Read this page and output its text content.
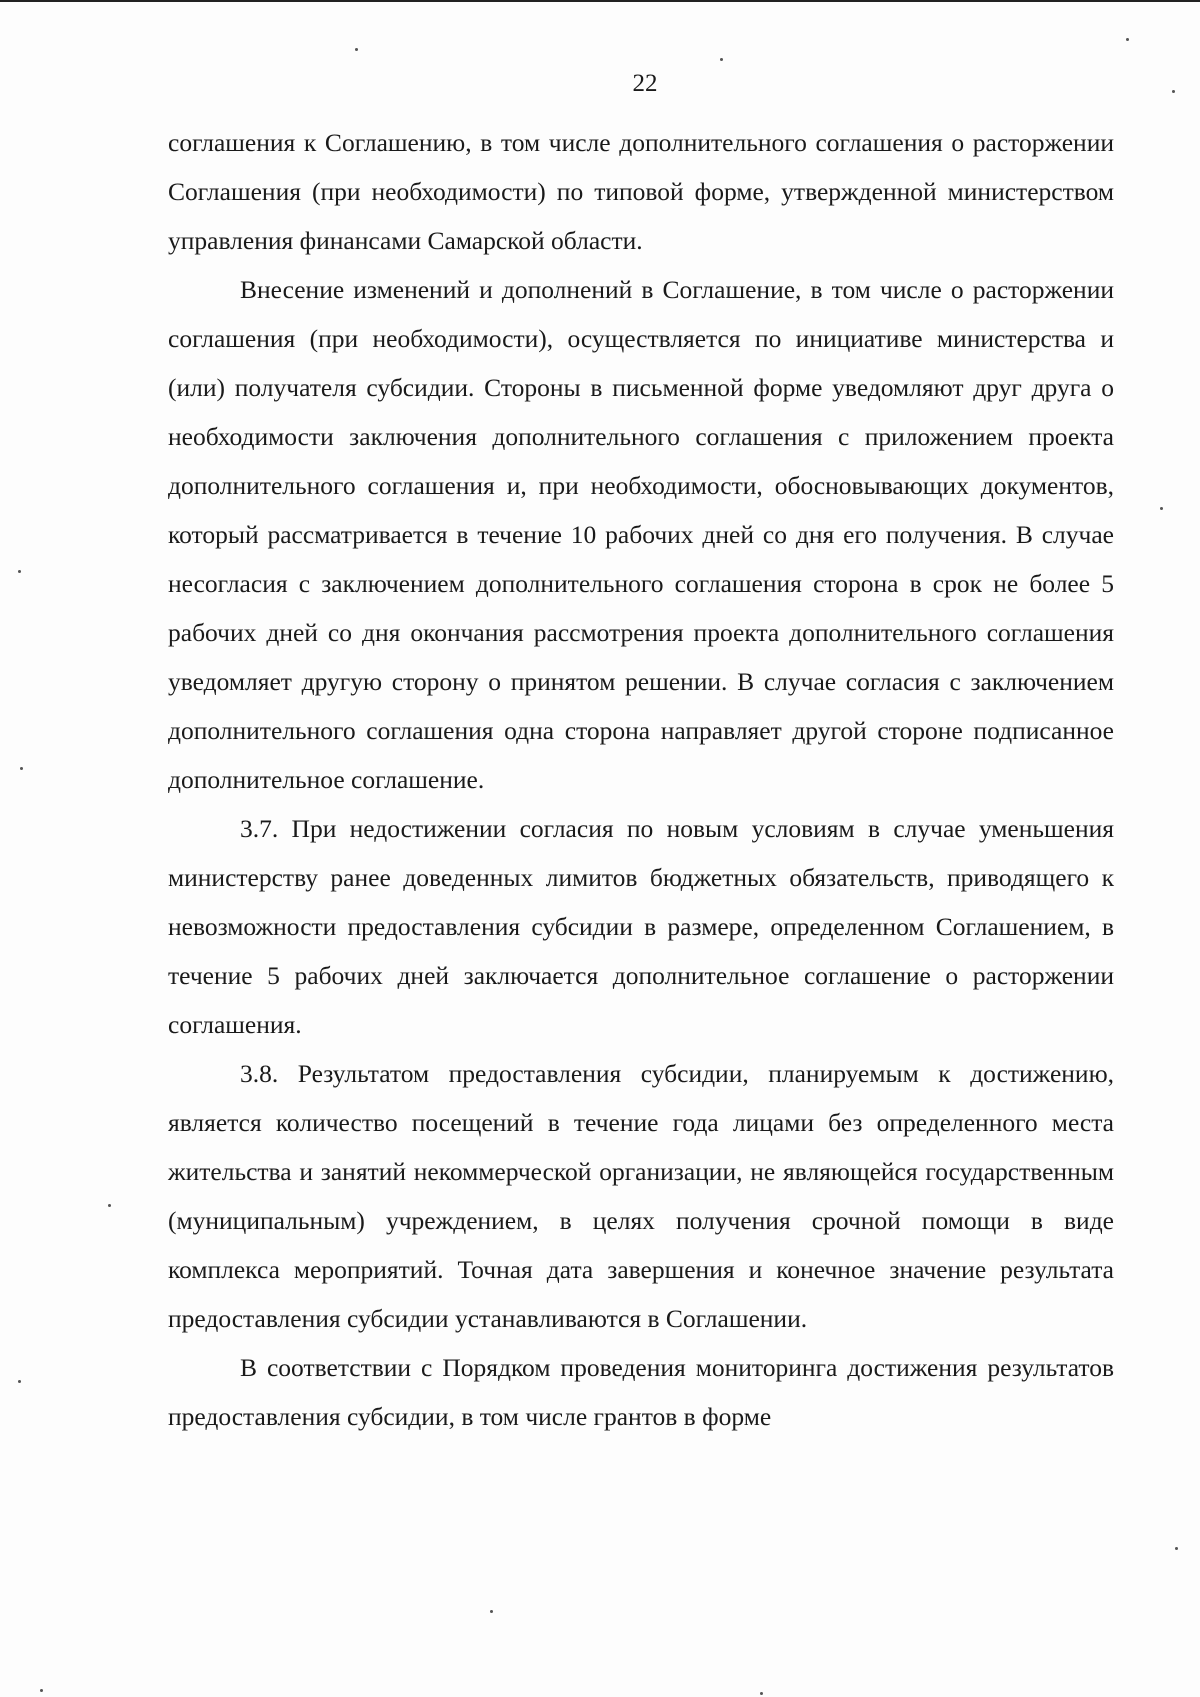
22

соглашения к Соглашению, в том числе дополнительного соглашения о расторжении Соглашения (при необходимости) по типовой форме, утвержденной министерством управления финансами Самарской области.

Внесение изменений и дополнений в Соглашение, в том числе о расторжении соглашения (при необходимости), осуществляется по инициативе министерства и (или) получателя субсидии. Стороны в письменной форме уведомляют друг друга о необходимости заключения дополнительного соглашения с приложением проекта дополнительного соглашения и, при необходимости, обосновывающих документов, который рассматривается в течение 10 рабочих дней со дня его получения. В случае несогласия с заключением дополнительного соглашения сторона в срок не более 5 рабочих дней со дня окончания рассмотрения проекта дополнительного соглашения уведомляет другую сторону о принятом решении. В случае согласия с заключением дополнительного соглашения одна сторона направляет другой стороне подписанное дополнительное соглашение.

3.7. При недостижении согласия по новым условиям в случае уменьшения министерству ранее доведенных лимитов бюджетных обязательств, приводящего к невозможности предоставления субсидии в размере, определенном Соглашением, в течение 5 рабочих дней заключается дополнительное соглашение о расторжении соглашения.

3.8. Результатом предоставления субсидии, планируемым к достижению, является количество посещений в течение года лицами без определенного места жительства и занятий некоммерческой организации, не являющейся государственным (муниципальным) учреждением, в целях получения срочной помощи в виде комплекса мероприятий. Точная дата завершения и конечное значение результата предоставления субсидии устанавливаются в Соглашении.

В соответствии с Порядком проведения мониторинга достижения результатов предоставления субсидии, в том числе грантов в форме
